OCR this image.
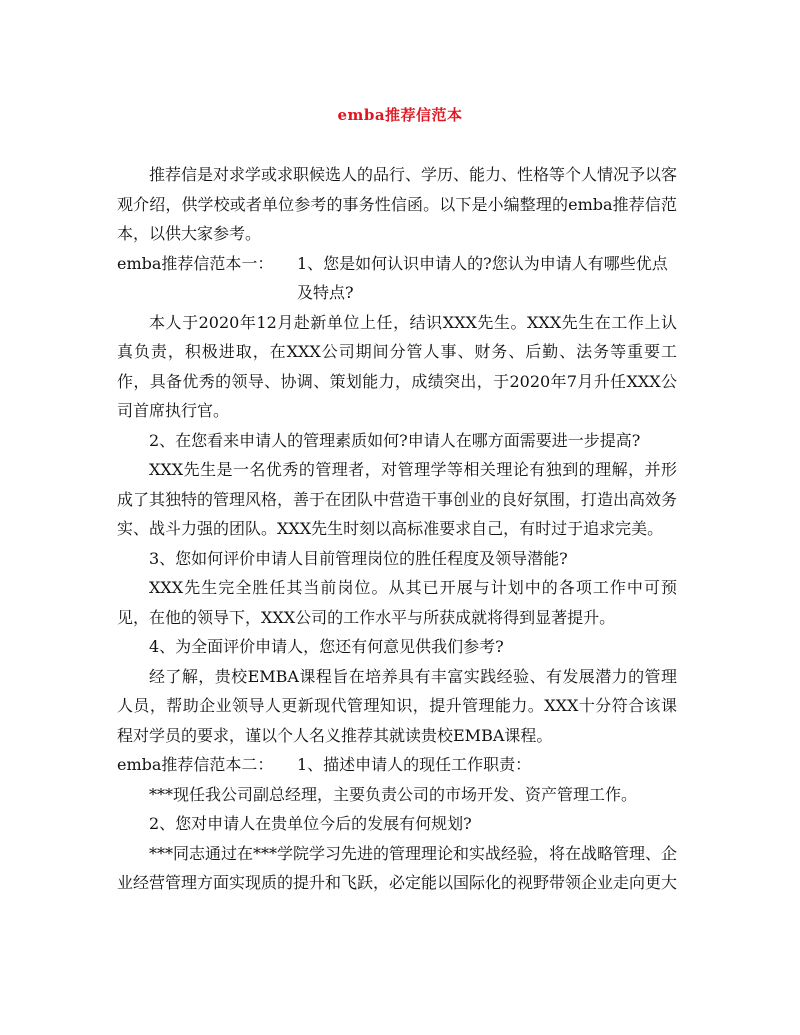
emba推荐信范本

推荐信是对求学或求职候选人的品行、学历、能力、性格等个人情况予以客观介绍，供学校或者单位参考的事务性信函。以下是小编整理的emba推荐信范本，以供大家参考。

emba推荐信范本一：	1、您是如何认识申请人的?您认为申请人有哪些优点及特点?

本人于2020年12月赴新单位上任，结识XXX先生。XXX先生在工作上认真负责，积极进取，在XXX公司期间分管人事、财务、后勤、法务等重要工作，具备优秀的领导、协调、策划能力，成绩突出，于2020年7月升任XXX公司首席执行官。

2、在您看来申请人的管理素质如何?申请人在哪方面需要进一步提高?

XXX先生是一名优秀的管理者，对管理学等相关理论有独到的理解，并形成了其独特的管理风格，善于在团队中营造干事创业的良好氛围，打造出高效务实、战斗力强的团队。XXX先生时刻以高标准要求自己，有时过于追求完美。

3、您如何评价申请人目前管理岗位的胜任程度及领导潜能?

XXX先生完全胜任其当前岗位。从其已开展与计划中的各项工作中可预见，在他的领导下，XXX公司的工作水平与所获成就将得到显著提升。

4、为全面评价申请人，您还有何意见供我们参考?

经了解，贵校EMBA课程旨在培养具有丰富实践经验、有发展潜力的管理人员，帮助企业领导人更新现代管理知识，提升管理能力。XXX十分符合该课程对学员的要求，谨以个人名义推荐其就读贵校EMBA课程。

emba推荐信范本二：	1、描述申请人的现任工作职责：

***现任我公司副总经理，主要负责公司的市场开发、资产管理工作。

2、您对申请人在贵单位今后的发展有何规划?

***同志通过在***学院学习先进的管理理论和实战经验，将在战略管理、企业经营管理方面实现质的提升和飞跃，必定能以国际化的视野带领企业走向更大
